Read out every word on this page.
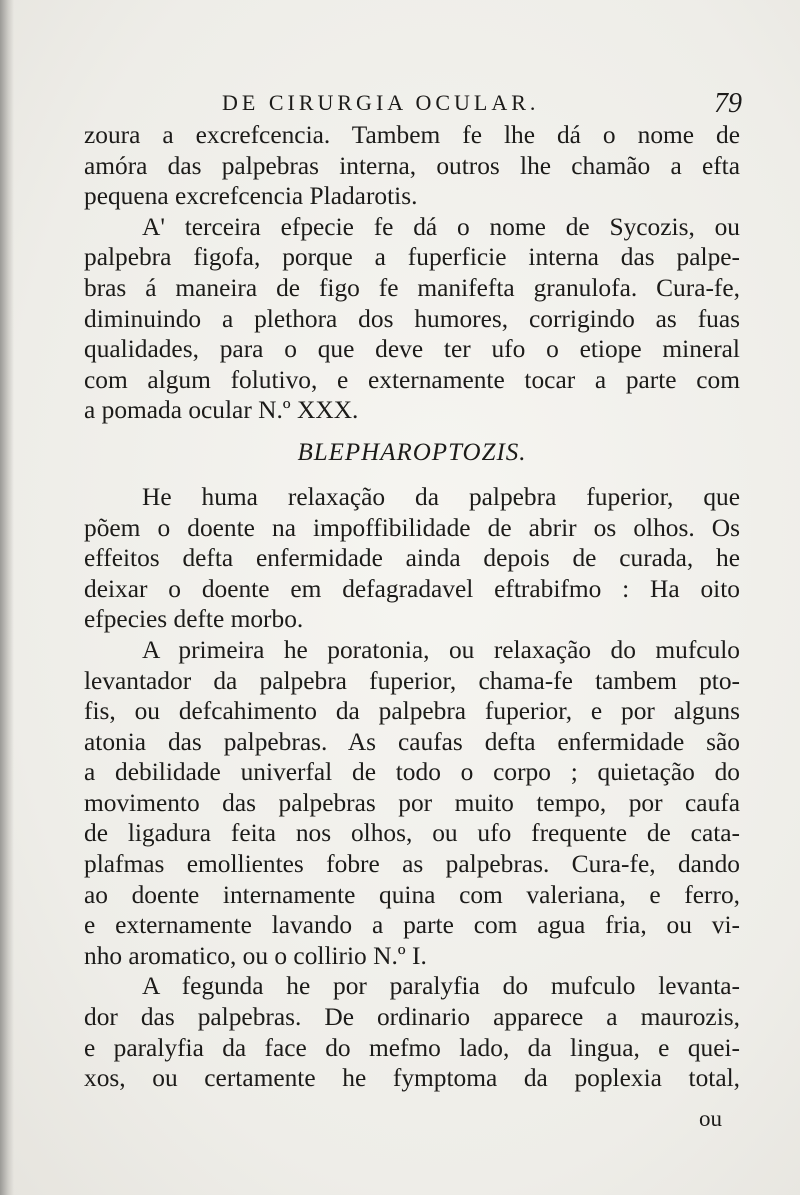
DE CIRURGIA OCULAR.	79
zoura a excrefcencia. Tambem fe lhe dá o nome de
amóra das palpebras interna, outros lhe chamão a efta
pequena excrefcencia Pladarotis.
A' terceira efpecie fe dá o nome de Sycozis, ou
palpebra figofa, porque a fuperficie interna das palpe-
bras á maneira de figo fe manifefta granulofa. Cura-fe,
diminuindo a plethora dos humores, corrigindo as fuas
qualidades, para o que deve ter ufo o etiope mineral
com algum folutivo, e externamente tocar a parte com
a pomada ocular N.º XXX.
BLEPHAROPTOZIS.
He huma relaxação da palpebra fuperior, que
põem o doente na impoffibilidade de abrir os olhos. Os
effeitos defta enfermidade ainda depois de curada, he
deixar o doente em defagradavel eftrabifmo : Ha oito
efpecies defte morbo.
A primeira he poratonia, ou relaxação do mufculo
levantador da palpebra fuperior, chama-fe tambem pto-
fis, ou defcahimento da palpebra fuperior, e por alguns
atonia das palpebras. As caufas defta enfermidade são
a debilidade univerfal de todo o corpo ; quietação do
movimento das palpebras por muito tempo, por caufa
de ligadura feita nos olhos, ou ufo frequente de cata-
plafmas emollientes fobre as palpebras. Cura-fe, dando
ao doente internamente quina com valeriana, e ferro,
e externamente lavando a parte com agua fria, ou vi-
nho aromatico, ou o collirio N.º I.
A fegunda he por paralyfia do mufculo levanta-
dor das palpebras. De ordinario apparece a maurozis,
e paralyfia da face do mefmo lado, da lingua, e quei-
xos, ou certamente he fymptoma da poplexia total,
ou
